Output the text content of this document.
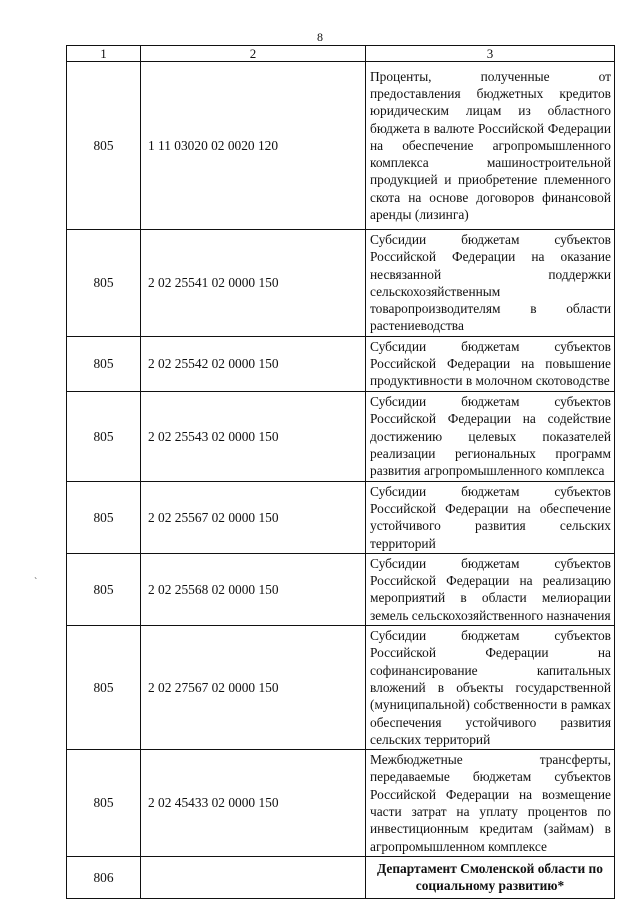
8
`
1	2	3
805	1 11 03020 02 0020 120	Проценты, полученные от предоставления бюджетных кредитов юридическим лицам из областного бюджета в валюте Российской Федерации на обеспечение агропромышленного комплекса машиностроительной продукцией и приобретение племенного скота на основе договоров финансовой аренды (лизинга)
805	2 02 25541 02 0000 150	Субсидии бюджетам субъектов Российской Федерации на оказание несвязанной поддержки сельскохозяйственным товаропроизводителям в области растениеводства
805	2 02 25542 02 0000 150	Субсидии бюджетам субъектов Российской Федерации на повышение продуктивности в молочном скотоводстве
805	2 02 25543 02 0000 150	Субсидии бюджетам субъектов Российской Федерации на содействие достижению целевых показателей реализации региональных программ развития агропромышленного комплекса
805	2 02 25567 02 0000 150	Субсидии бюджетам субъектов Российской Федерации на обеспечение устойчивого развития сельских территорий
805	2 02 25568 02 0000 150	Субсидии бюджетам субъектов Российской Федерации на реализацию мероприятий в области мелиорации земель сельскохозяйственного назначения
805	2 02 27567 02 0000 150	Субсидии бюджетам субъектов Российской Федерации на софинансирование капитальных вложений в объекты государственной (муниципальной) собственности в рамках обеспечения устойчивого развития сельских территорий
805	2 02 45433 02 0000 150	Межбюджетные трансферты, передаваемые бюджетам субъектов Российской Федерации на возмещение части затрат на уплату процентов по инвестиционным кредитам (займам) в агропромышленном комплексе
806		Департамент Смоленской области по социальному развитию*
